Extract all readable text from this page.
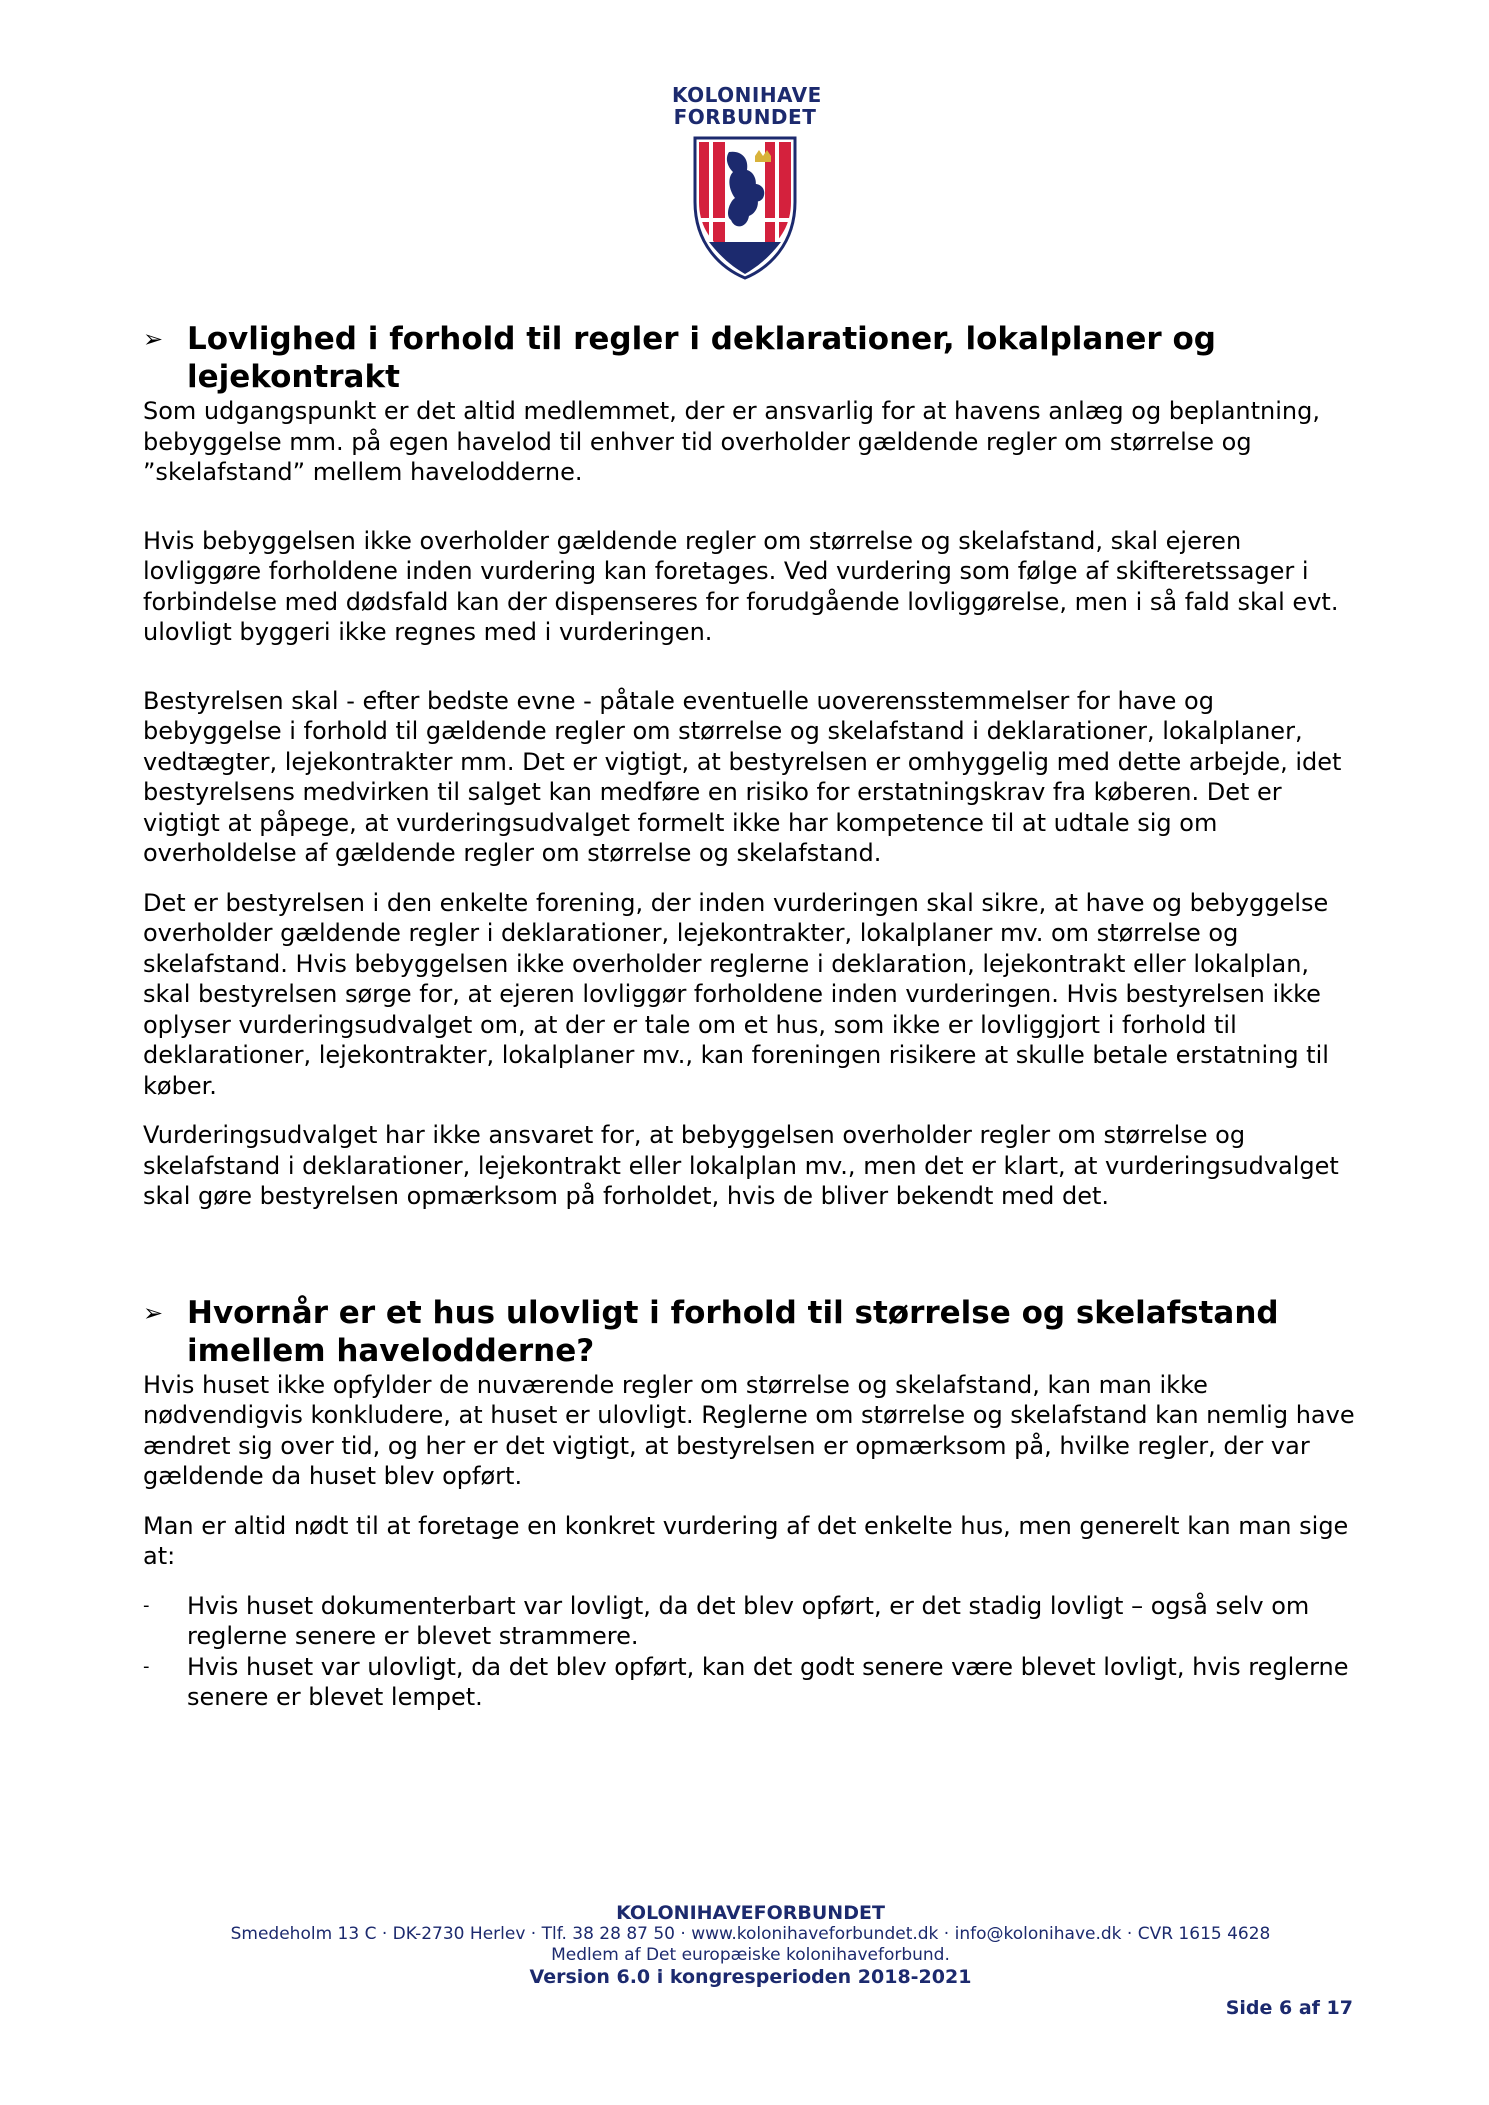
KOLONIHAVE
FORBUNDET
➢ Lovlighed i forhold til regler i deklarationer, lokalplaner og lejekontrakt

Som udgangspunkt er det altid medlemmet, der er ansvarlig for at havens anlæg og beplantning, bebyggelse mm. på egen havelod til enhver tid overholder gældende regler om størrelse og ”skelafstand” mellem havelodderne.

Hvis bebyggelsen ikke overholder gældende regler om størrelse og skelafstand, skal ejeren lovliggøre forholdene inden vurdering kan foretages. Ved vurdering som følge af skifteretssager i forbindelse med dødsfald kan der dispenseres for forudgående lovliggørelse, men i så fald skal evt. ulovligt byggeri ikke regnes med i vurderingen.

Bestyrelsen skal - efter bedste evne - påtale eventuelle uoverensstemmelser for have og bebyggelse i forhold til gældende regler om størrelse og skelafstand i deklarationer, lokalplaner, vedtægter, lejekontrakter mm. Det er vigtigt, at bestyrelsen er omhyggelig med dette arbejde, idet bestyrelsens medvirken til salget kan medføre en risiko for erstatningskrav fra køberen. Det er vigtigt at påpege, at vurderingsudvalget formelt ikke har kompetence til at udtale sig om overholdelse af gældende regler om størrelse og skelafstand.

Det er bestyrelsen i den enkelte forening, der inden vurderingen skal sikre, at have og bebyggelse overholder gældende regler i deklarationer, lejekontrakter, lokalplaner mv. om størrelse og skelafstand. Hvis bebyggelsen ikke overholder reglerne i deklaration, lejekontrakt eller lokalplan, skal bestyrelsen sørge for, at ejeren lovliggør forholdene inden vurderingen. Hvis bestyrelsen ikke oplyser vurderingsudvalget om, at der er tale om et hus, som ikke er lovliggjort i forhold til deklarationer, lejekontrakter, lokalplaner mv., kan foreningen risikere at skulle betale erstatning til køber.

Vurderingsudvalget har ikke ansvaret for, at bebyggelsen overholder regler om størrelse og skelafstand i deklarationer, lejekontrakt eller lokalplan mv., men det er klart, at vurderingsudvalget skal gøre bestyrelsen opmærksom på forholdet, hvis de bliver bekendt med det.

➢ Hvornår er et hus ulovligt i forhold til størrelse og skelafstand imellem havelodderne?

Hvis huset ikke opfylder de nuværende regler om størrelse og skelafstand, kan man ikke nødvendigvis konkludere, at huset er ulovligt. Reglerne om størrelse og skelafstand kan nemlig have ændret sig over tid, og her er det vigtigt, at bestyrelsen er opmærksom på, hvilke regler, der var gældende da huset blev opført.

Man er altid nødt til at foretage en konkret vurdering af det enkelte hus, men generelt kan man sige at:

-	Hvis huset dokumenterbart var lovligt, da det blev opført, er det stadig lovligt – også selv om reglerne senere er blevet strammere.
-	Hvis huset var ulovligt, da det blev opført, kan det godt senere være blevet lovligt, hvis reglerne senere er blevet lempet.
KOLONIHAVEFORBUNDET
Smedeholm 13 C · DK-2730 Herlev · Tlf. 38 28 87 50 · www.kolonihaveforbundet.dk · info@kolonihave.dk · CVR 1615 4628
Medlem af Det europæiske kolonihaveforbund.
Version 6.0 i kongresperioden 2018-2021
Side 6 af 17
